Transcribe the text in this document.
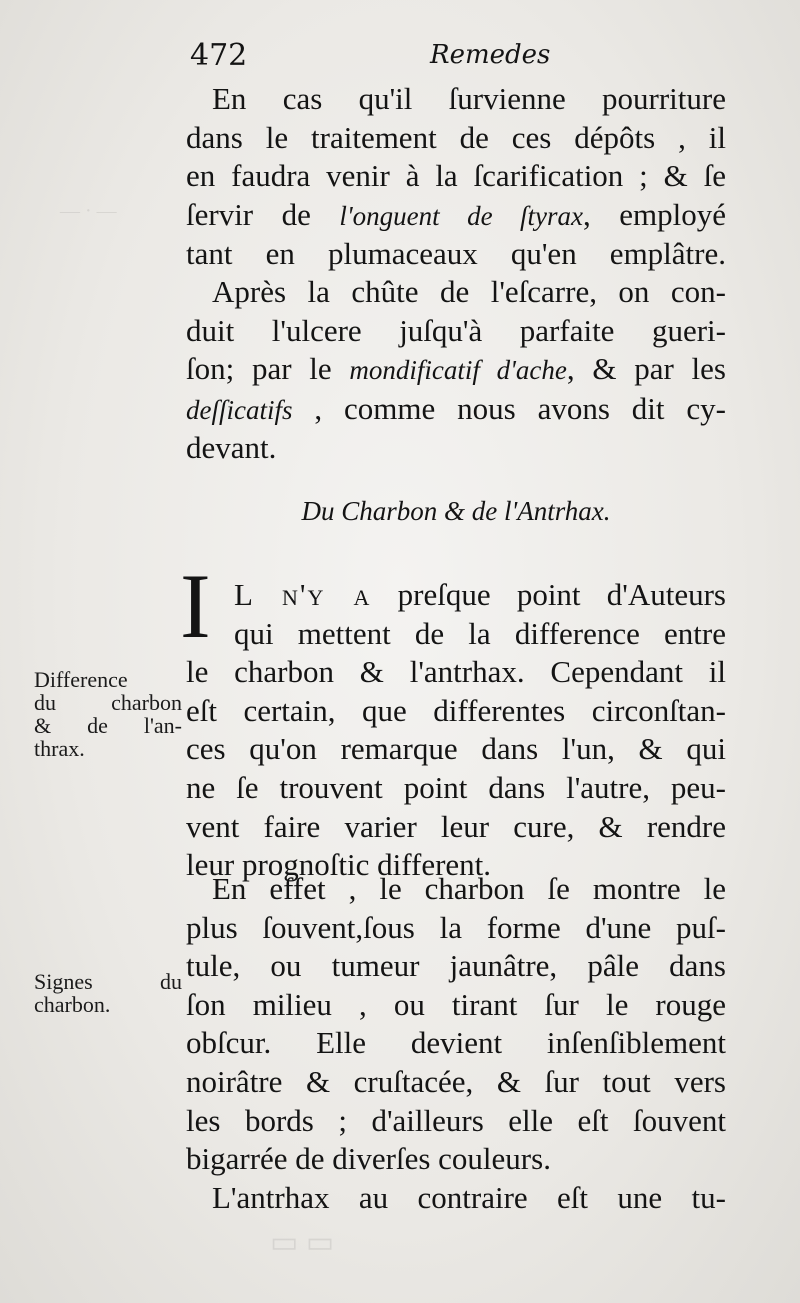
— · —
▭ ▭
472	Remedes
En cas qu'il ſurvienne pourriture
dans le traitement de ces dépôts , il
en faudra venir à la ſcarification ; & ſe
ſervir de l'onguent de ſtyrax, employé
tant en plumaceaux qu'en emplâtre.
Après la chûte de l'eſcarre, on con-
duit l'ulcere juſqu'à parfaite gueri-
ſon; par le mondificatif d'ache, & par les
deſſicatifs , comme nous avons dit cy-
devant.
Du Charbon & de l'Antrhax.
I L n'y a preſque point d'Auteurs
qui mettent de la difference entre
le charbon & l'antrhax. Cependant il
eſt certain, que differentes circonſtan-
ces qu'on remarque dans l'un, & qui
ne ſe trouvent point dans l'autre, peu-
vent faire varier leur cure, & rendre
leur prognoſtic different.
En effet , le charbon ſe montre le
plus ſouvent,ſous la forme d'une puſ-
tule, ou tumeur jaunâtre, pâle dans
ſon milieu , ou tirant ſur le rouge
obſcur. Elle devient inſenſiblement
noirâtre & cruſtacée, & ſur tout vers
les bords ; d'ailleurs elle eſt ſouvent
bigarrée de diverſes couleurs.
L'antrhax au contraire eſt une tu-
Difference
du charbon
& de l'an-
thrax.
Signes du
charbon.
